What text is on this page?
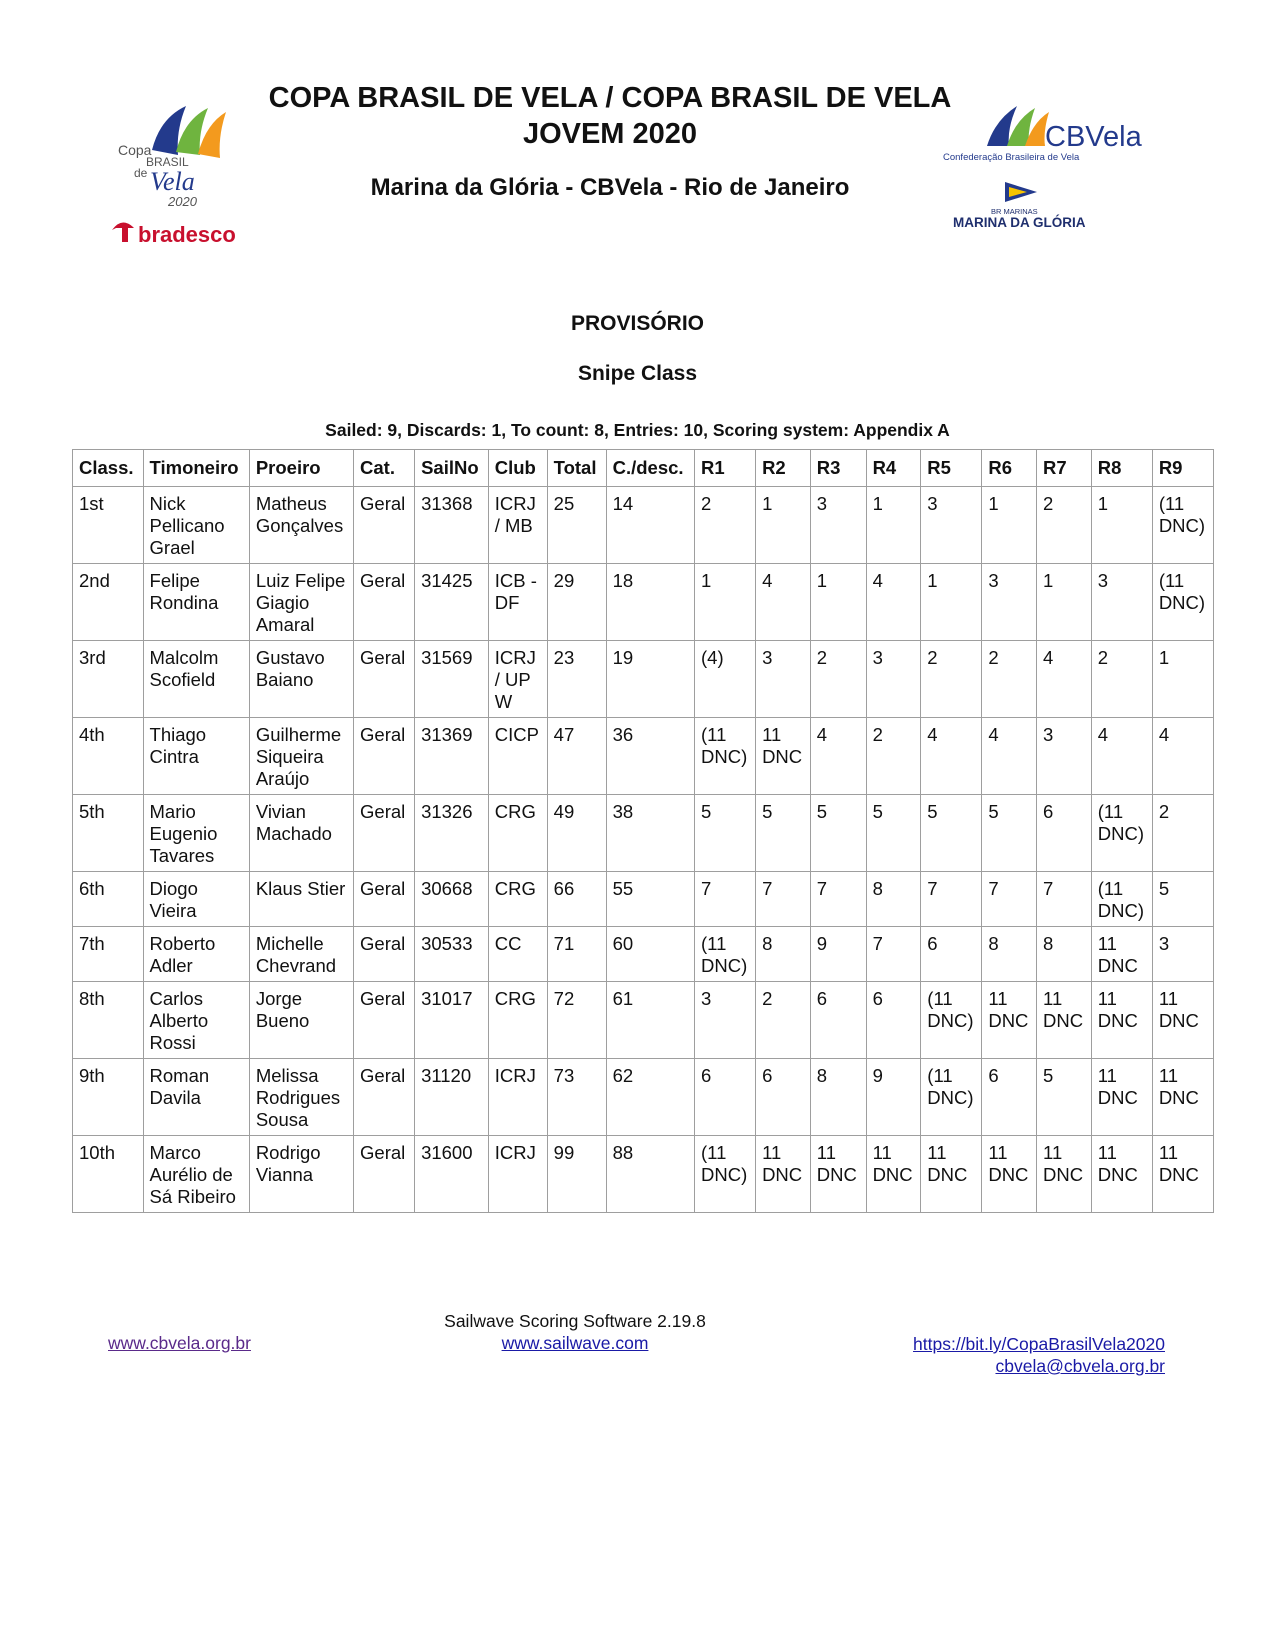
Copa
BRASIL
de Vela
2020
bradesco
CBVela
Confederação Brasileira de Vela
BR MARINAS
MARINA DA GLÓRIA
COPA BRASIL DE VELA / COPA BRASIL DE VELA
JOVEM 2020
Marina da Glória - CBVela - Rio de Janeiro
PROVISÓRIO
Snipe Class
Sailed: 9, Discards: 1, To count: 8, Entries: 10, Scoring system: Appendix A
Class.	Timoneiro	Proeiro	Cat.	SailNo	Club	Total	C./desc.	R1	R2	R3	R4	R5	R6	R7	R8	R9
1st	Nick Pellicano Grael	Matheus Gonçalves	Geral	31368	ICRJ / MB	25	14	2	1	3	1	3	1	2	1	(11 DNC)
2nd	Felipe Rondina	Luiz Felipe Giagio Amaral	Geral	31425	ICB - DF	29	18	1	4	1	4	1	3	1	3	(11 DNC)
3rd	Malcolm Scofield	Gustavo Baiano	Geral	31569	ICRJ / UPW	23	19	(4)	3	2	3	2	2	4	2	1
4th	Thiago Cintra	Guilherme Siqueira Araújo	Geral	31369	CICP	47	36	(11 DNC)	11 DNC	4	2	4	4	3	4	4
5th	Mario Eugenio Tavares	Vivian Machado	Geral	31326	CRG	49	38	5	5	5	5	5	5	6	(11 DNC)	2
6th	Diogo Vieira	Klaus Stier	Geral	30668	CRG	66	55	7	7	7	8	7	7	7	(11 DNC)	5
7th	Roberto Adler	Michelle Chevrand	Geral	30533	CC	71	60	(11 DNC)	8	9	7	6	8	8	11 DNC	3
8th	Carlos Alberto Rossi	Jorge Bueno	Geral	31017	CRG	72	61	3	2	6	6	(11 DNC)	11 DNC	11 DNC	11 DNC	11 DNC
9th	Roman Davila	Melissa Rodrigues Sousa	Geral	31120	ICRJ	73	62	6	6	8	9	(11 DNC)	6	5	11 DNC	11 DNC
10th	Marco Aurélio de Sá Ribeiro	Rodrigo Vianna	Geral	31600	ICRJ	99	88	(11 DNC)	11 DNC	11 DNC	11 DNC	11 DNC	11 DNC	11 DNC	11 DNC	11 DNC
Sailwave Scoring Software 2.19.8
www.sailwave.com
www.cbvela.org.br	https://bit.ly/CopaBrasilVela2020
cbvela@cbvela.org.br
